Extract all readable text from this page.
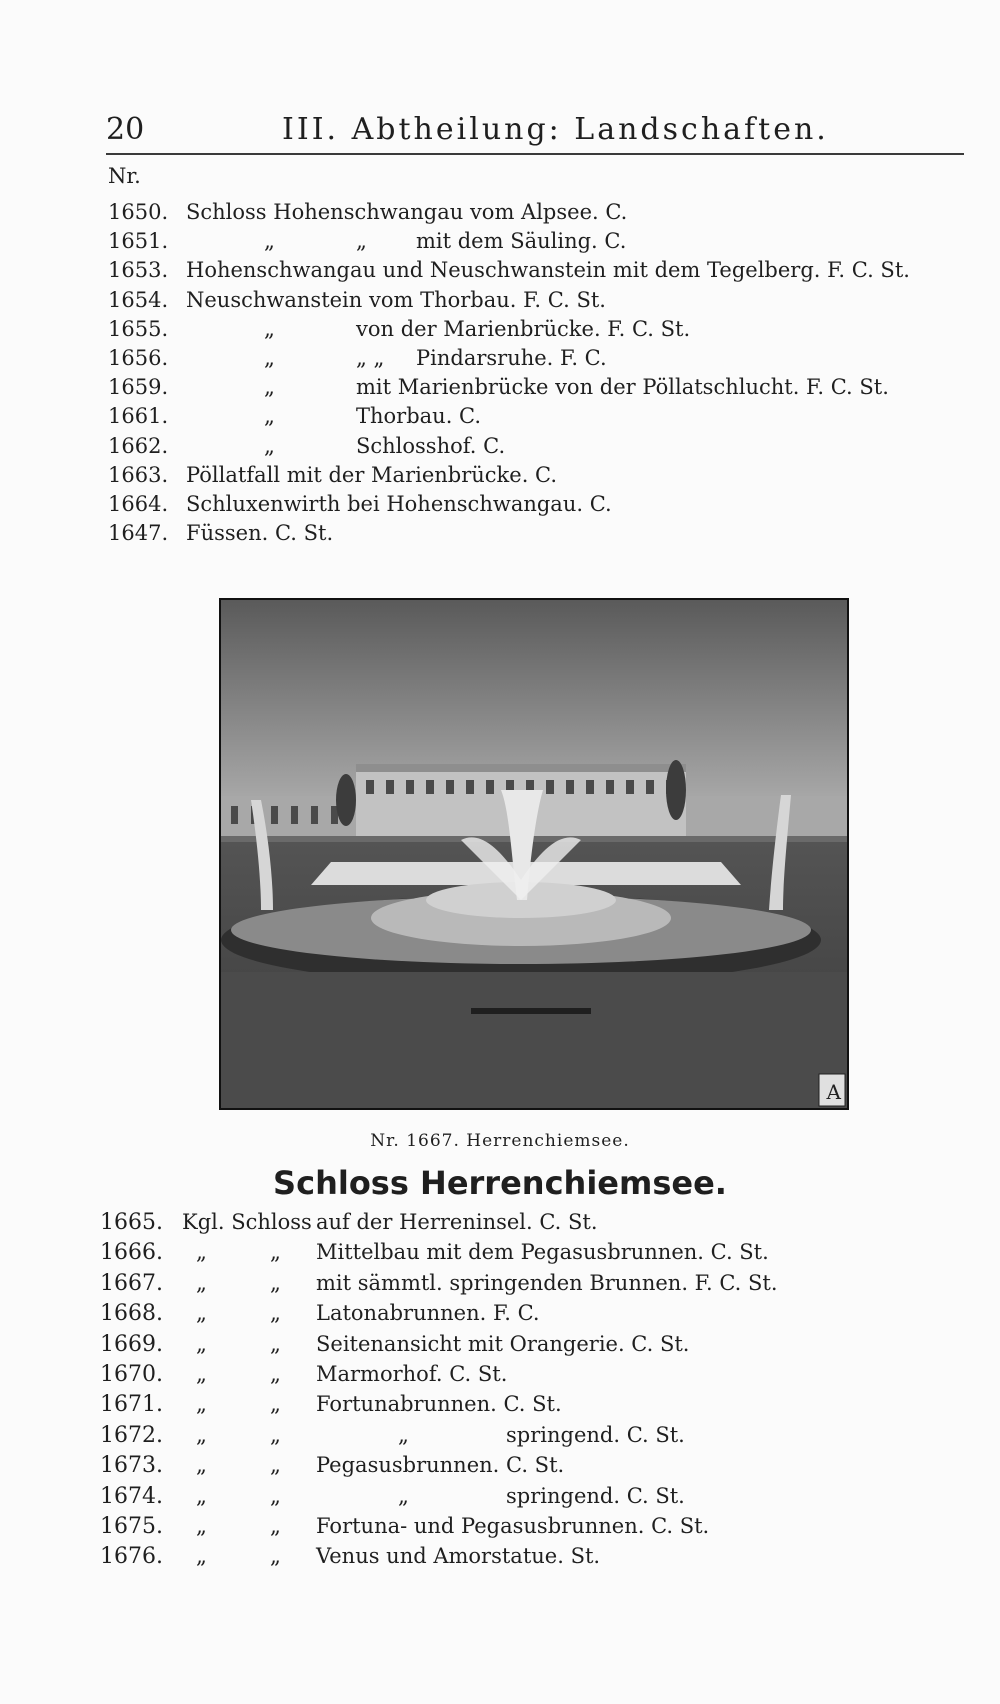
20	III. Abtheilung: Landschaften.
Nr.
1650. Schloss Hohenschwangau vom Alpsee. C.
1651.	„	„ mit dem Säuling. C.
1653. Hohenschwangau und Neuschwanstein mit dem Tegelberg. F. C. St.
1654. Neuschwanstein vom Thorbau. F. C. St.
1655.	„	von der Marienbrücke. F. C. St.
1656.	„	„ „ Pindarsruhe. F. C.
1659.	„	mit Marienbrücke von der Pöllatschlucht. F. C. St.
1661.	„	Thorbau. C.
1662.	„	Schlosshof. C.
1663. Pöllatfall mit der Marienbrücke. C.
1664. Schluxenwirth bei Hohenschwangau. C.
1647. Füssen. C. St.
A
Nr. 1667. Herrenchiemsee.
Schloss Herrenchiemsee.
1665. Kgl. Schloss auf der Herreninsel. C. St.
1666. „	„ Mittelbau mit dem Pegasusbrunnen. C. St.
1667. „	„ mit sämmtl. springenden Brunnen. F. C. St.
1668. „	„ Latonabrunnen. F. C.
1669. „	„ Seitenansicht mit Orangerie. C. St.
1670. „	„ Marmorhof. C. St.
1671. „	„ Fortunabrunnen. C. St.
1672. „	„	„	springend. C. St.
1673. „	„ Pegasusbrunnen. C. St.
1674. „	„	„	springend. C. St.
1675. „	„ Fortuna- und Pegasusbrunnen. C. St.
1676. „	„ Venus und Amorstatue. St.
